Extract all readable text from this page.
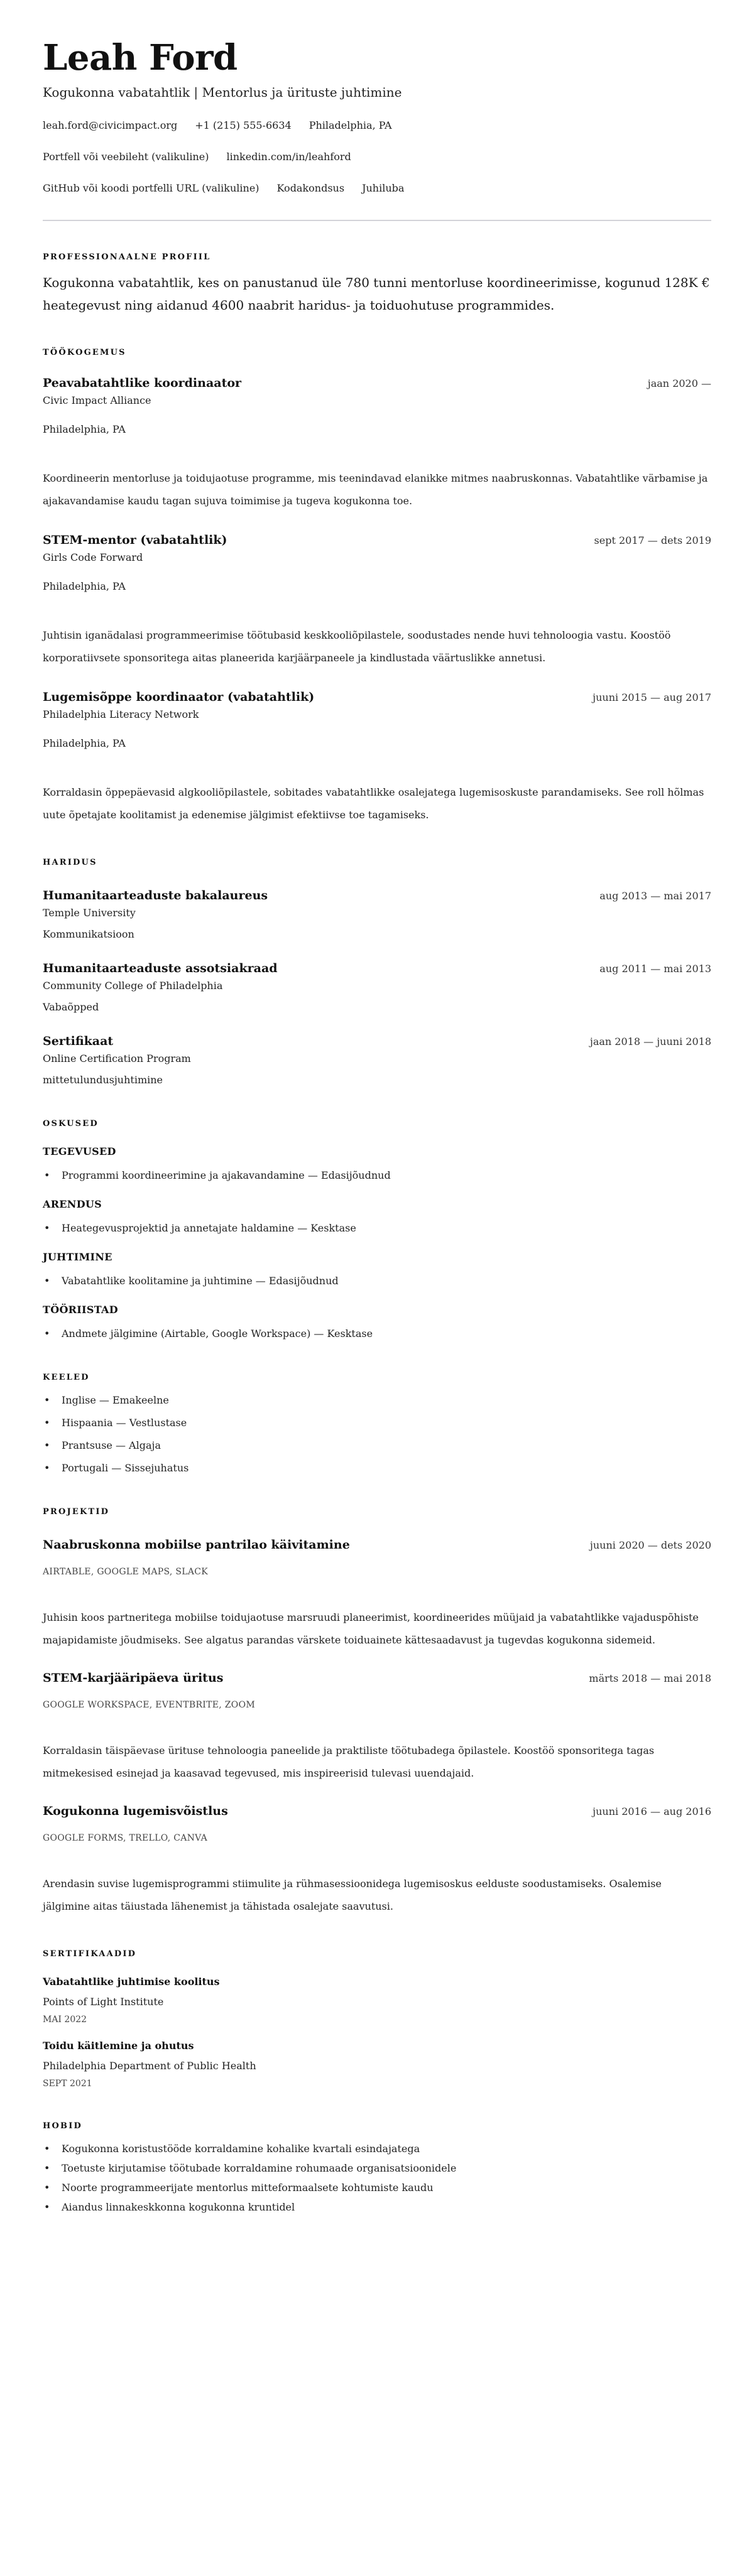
Leah Ford
Kogukonna vabatahtlik | Mentorlus ja ürituste juhtimine
leah.ford@civicimpact.org +1 (215) 555-6634 Philadelphia, PA
Portfell või veebileht (valikuline) linkedin.com/in/leahford
GitHub või koodi portfelli URL (valikuline) Kodakondsus Juhiluba
PROFESSIONAALNE PROFIIL

Kogukonna vabatahtlik, kes on panustanud üle 780 tunni mentorluse koordineerimisse, kogunud 128K € heategevust ning aidanud 4600 naabrit haridus- ja toiduohutuse programmides.

TÖÖKOGEMUS
Peavabatahtlike koordinaator	jaan 2020 —
Civic Impact Alliance
Philadelphia, PA

Koordineerin mentorluse ja toidujaotuse programme, mis teenindavad elanikke mitmes naabruskonnas. Vabatahtlike värbamise ja ajakavandamise kaudu tagan sujuva toimimise ja tugeva kogukonna toe.

STEM-mentor (vabatahtlik)	sept 2017 — dets 2019
Girls Code Forward
Philadelphia, PA

Juhtisin iganädalasi programmeerimise töötubasid keskkooliõpilastele, soodustades nende huvi tehnoloogia vastu. Koostöö korporatiivsete sponsoritega aitas planeerida karjäärpaneele ja kindlustada väärtuslikke annetusi.

Lugemisõppe koordinaator (vabatahtlik)	juuni 2015 — aug 2017
Philadelphia Literacy Network
Philadelphia, PA

Korraldasin õppepäevasid algkooliõpilastele, sobitades vabatahtlikke osalejatega lugemisoskuste parandamiseks. See roll hõlmas uute õpetajate koolitamist ja edenemise jälgimist efektiivse toe tagamiseks.

HARIDUS
Humanitaarteaduste bakalaureus	aug 2013 — mai 2017
Temple University
Kommunikatsioon
Humanitaarteaduste assotsiakraad	aug 2011 — mai 2013
Community College of Philadelphia
Vabaõpped
Sertifikaat	jaan 2018 — juuni 2018
Online Certification Program
mittetulundusjuhtimine
OSKUSED
TEGEVUSED
• Programmi koordineerimine ja ajakavandamine — Edasijõudnud
ARENDUS
• Heategevusprojektid ja annetajate haldamine — Kesktase
JUHTIMINE
• Vabatahtlike koolitamine ja juhtimine — Edasijõudnud
TÖÖRIISTAD
• Andmete jälgimine (Airtable, Google Workspace) — Kesktase
KEELED
• Inglise — Emakeelne
• Hispaania — Vestlustase
• Prantsuse — Algaja
• Portugali — Sissejuhatus
PROJEKTID
Naabruskonna mobiilse pantrilao käivitamine	juuni 2020 — dets 2020
AIRTABLE, GOOGLE MAPS, SLACK

Juhisin koos partneritega mobiilse toidujaotuse marsruudi planeerimist, koordineerides müüjaid ja vabatahtlikke vajaduspõhiste majapidamiste jõudmiseks. See algatus parandas värskete toiduainete kättesaadavust ja tugevdas kogukonna sidemeid.

STEM-karjääripäeva üritus	märts 2018 — mai 2018
GOOGLE WORKSPACE, EVENTBRITE, ZOOM

Korraldasin täispäevase ürituse tehnoloogia paneelide ja praktiliste töötubadega õpilastele. Koostöö sponsoritega tagas mitmekesised esinejad ja kaasavad tegevused, mis inspireerisid tulevasi uuendajaid.

Kogukonna lugemisvõistlus	juuni 2016 — aug 2016
GOOGLE FORMS, TRELLO, CANVA

Arendasin suvise lugemisprogrammi stiimulite ja rühmasessioonidega lugemisoskus eelduste soodustamiseks. Osalemise jälgimine aitas täiustada lähenemist ja tähistada osalejate saavutusi.

SERTIFIKAADID
Vabatahtlike juhtimise koolitus
Points of Light Institute
MAI 2022
Toidu käitlemine ja ohutus
Philadelphia Department of Public Health
SEPT 2021
HOBID
• Kogukonna koristustööde korraldamine kohalike kvartali esindajatega
• Toetuste kirjutamise töötubade korraldamine rohumaade organisatsioonidele
• Noorte programmeerijate mentorlus mitteformaalsete kohtumiste kaudu
• Aiandus linnakeskkonna kogukonna kruntidel
